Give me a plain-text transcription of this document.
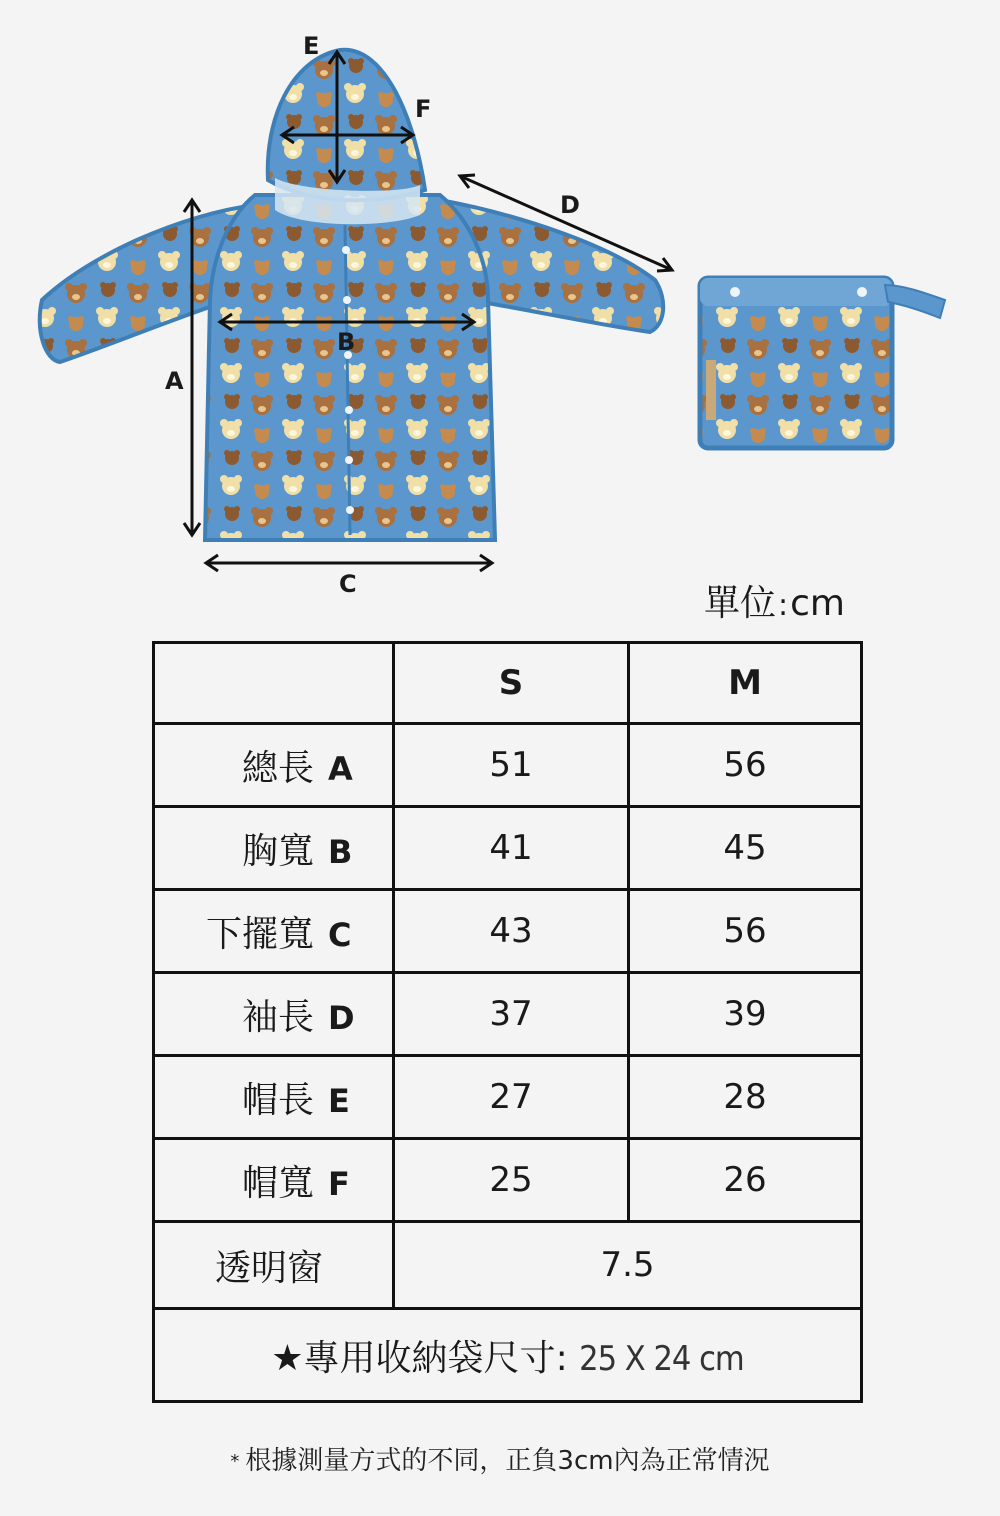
E
F
D
B
A
C	單位:cm
	S	M
總長 A	51	56
胸寬 B	41	45
下擺寬 C	43	56
袖長 D	37	39
帽長 E	27	28
帽寬 F	25	26
透明窗	7.5	
★專用收納袋尺寸: 25 X 24 cm		
* 根據測量方式的不同，正負3cm內為正常情況
